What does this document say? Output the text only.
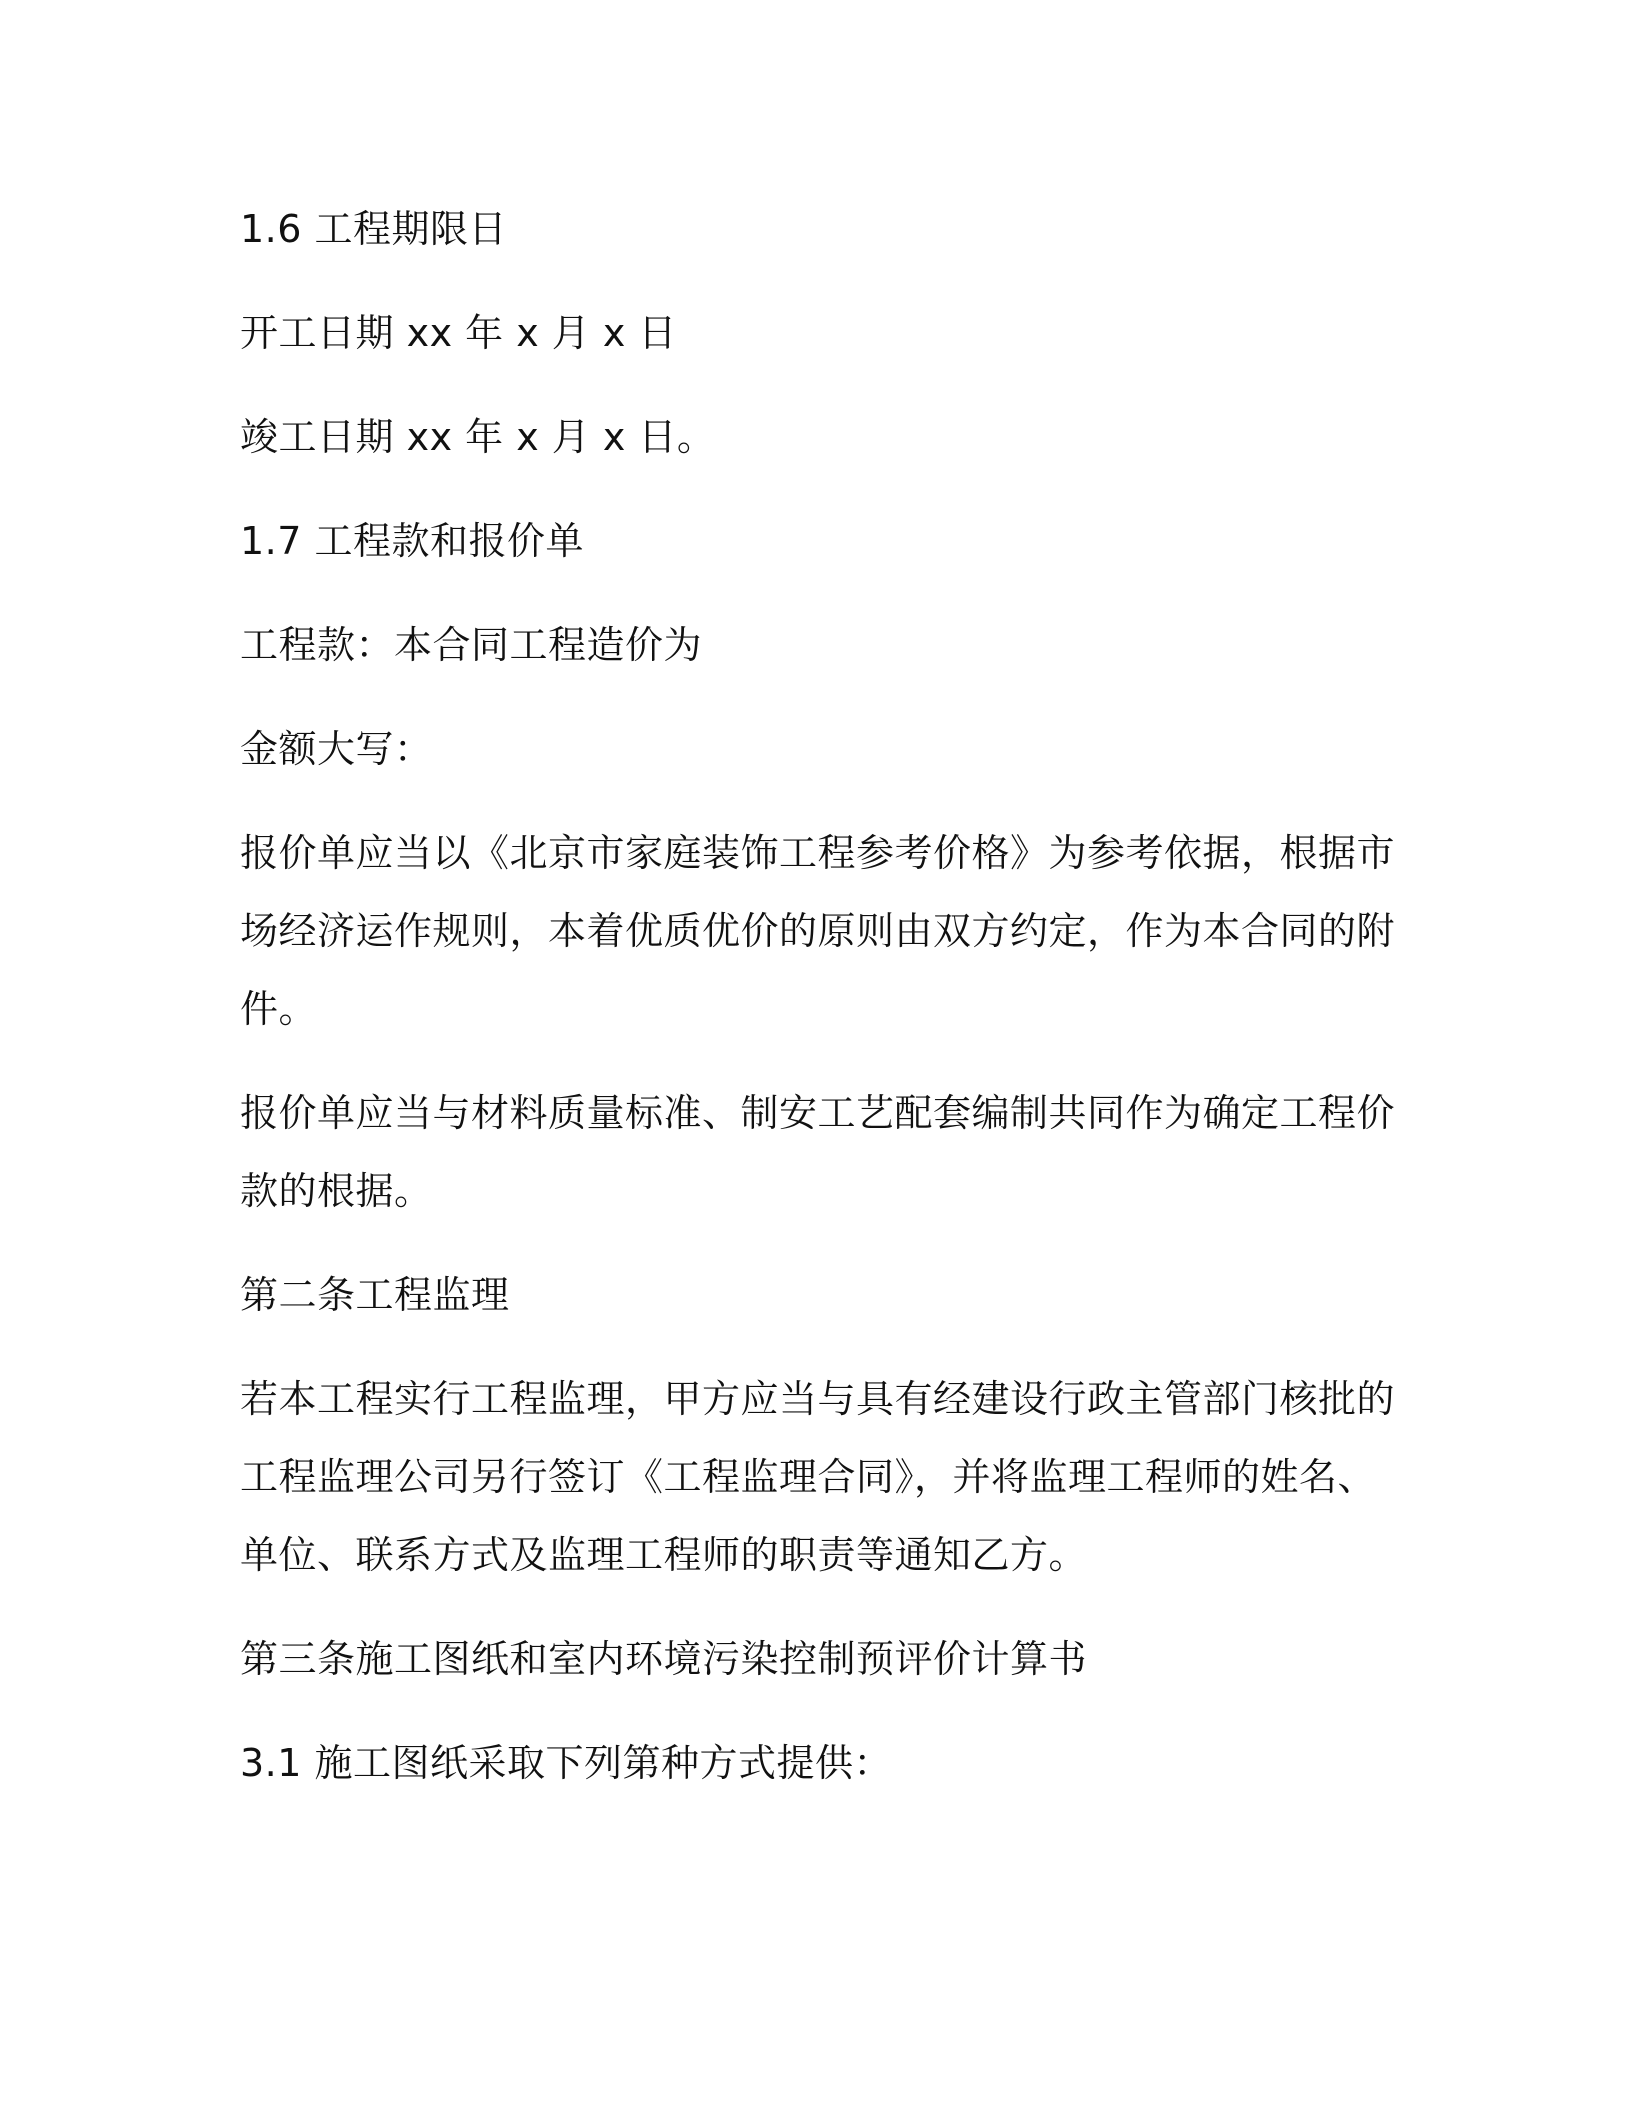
1.6 工程期限日

开工日期 xx 年 x 月 x 日

竣工日期 xx 年 x 月 x 日。

1.7 工程款和报价单

工程款：本合同工程造价为

金额大写：

报价单应当以《北京市家庭装饰工程参考价格》为参考依据，根据市
场经济运作规则，本着优质优价的原则由双方约定，作为本合同的附
件。

报价单应当与材料质量标准、制安工艺配套编制共同作为确定工程价
款的根据。

第二条工程监理

若本工程实行工程监理，甲方应当与具有经建设行政主管部门核批的
工程监理公司另行签订《工程监理合同》，并将监理工程师的姓名、
单位、联系方式及监理工程师的职责等通知乙方。

第三条施工图纸和室内环境污染控制预评价计算书

3.1 施工图纸采取下列第种方式提供：
